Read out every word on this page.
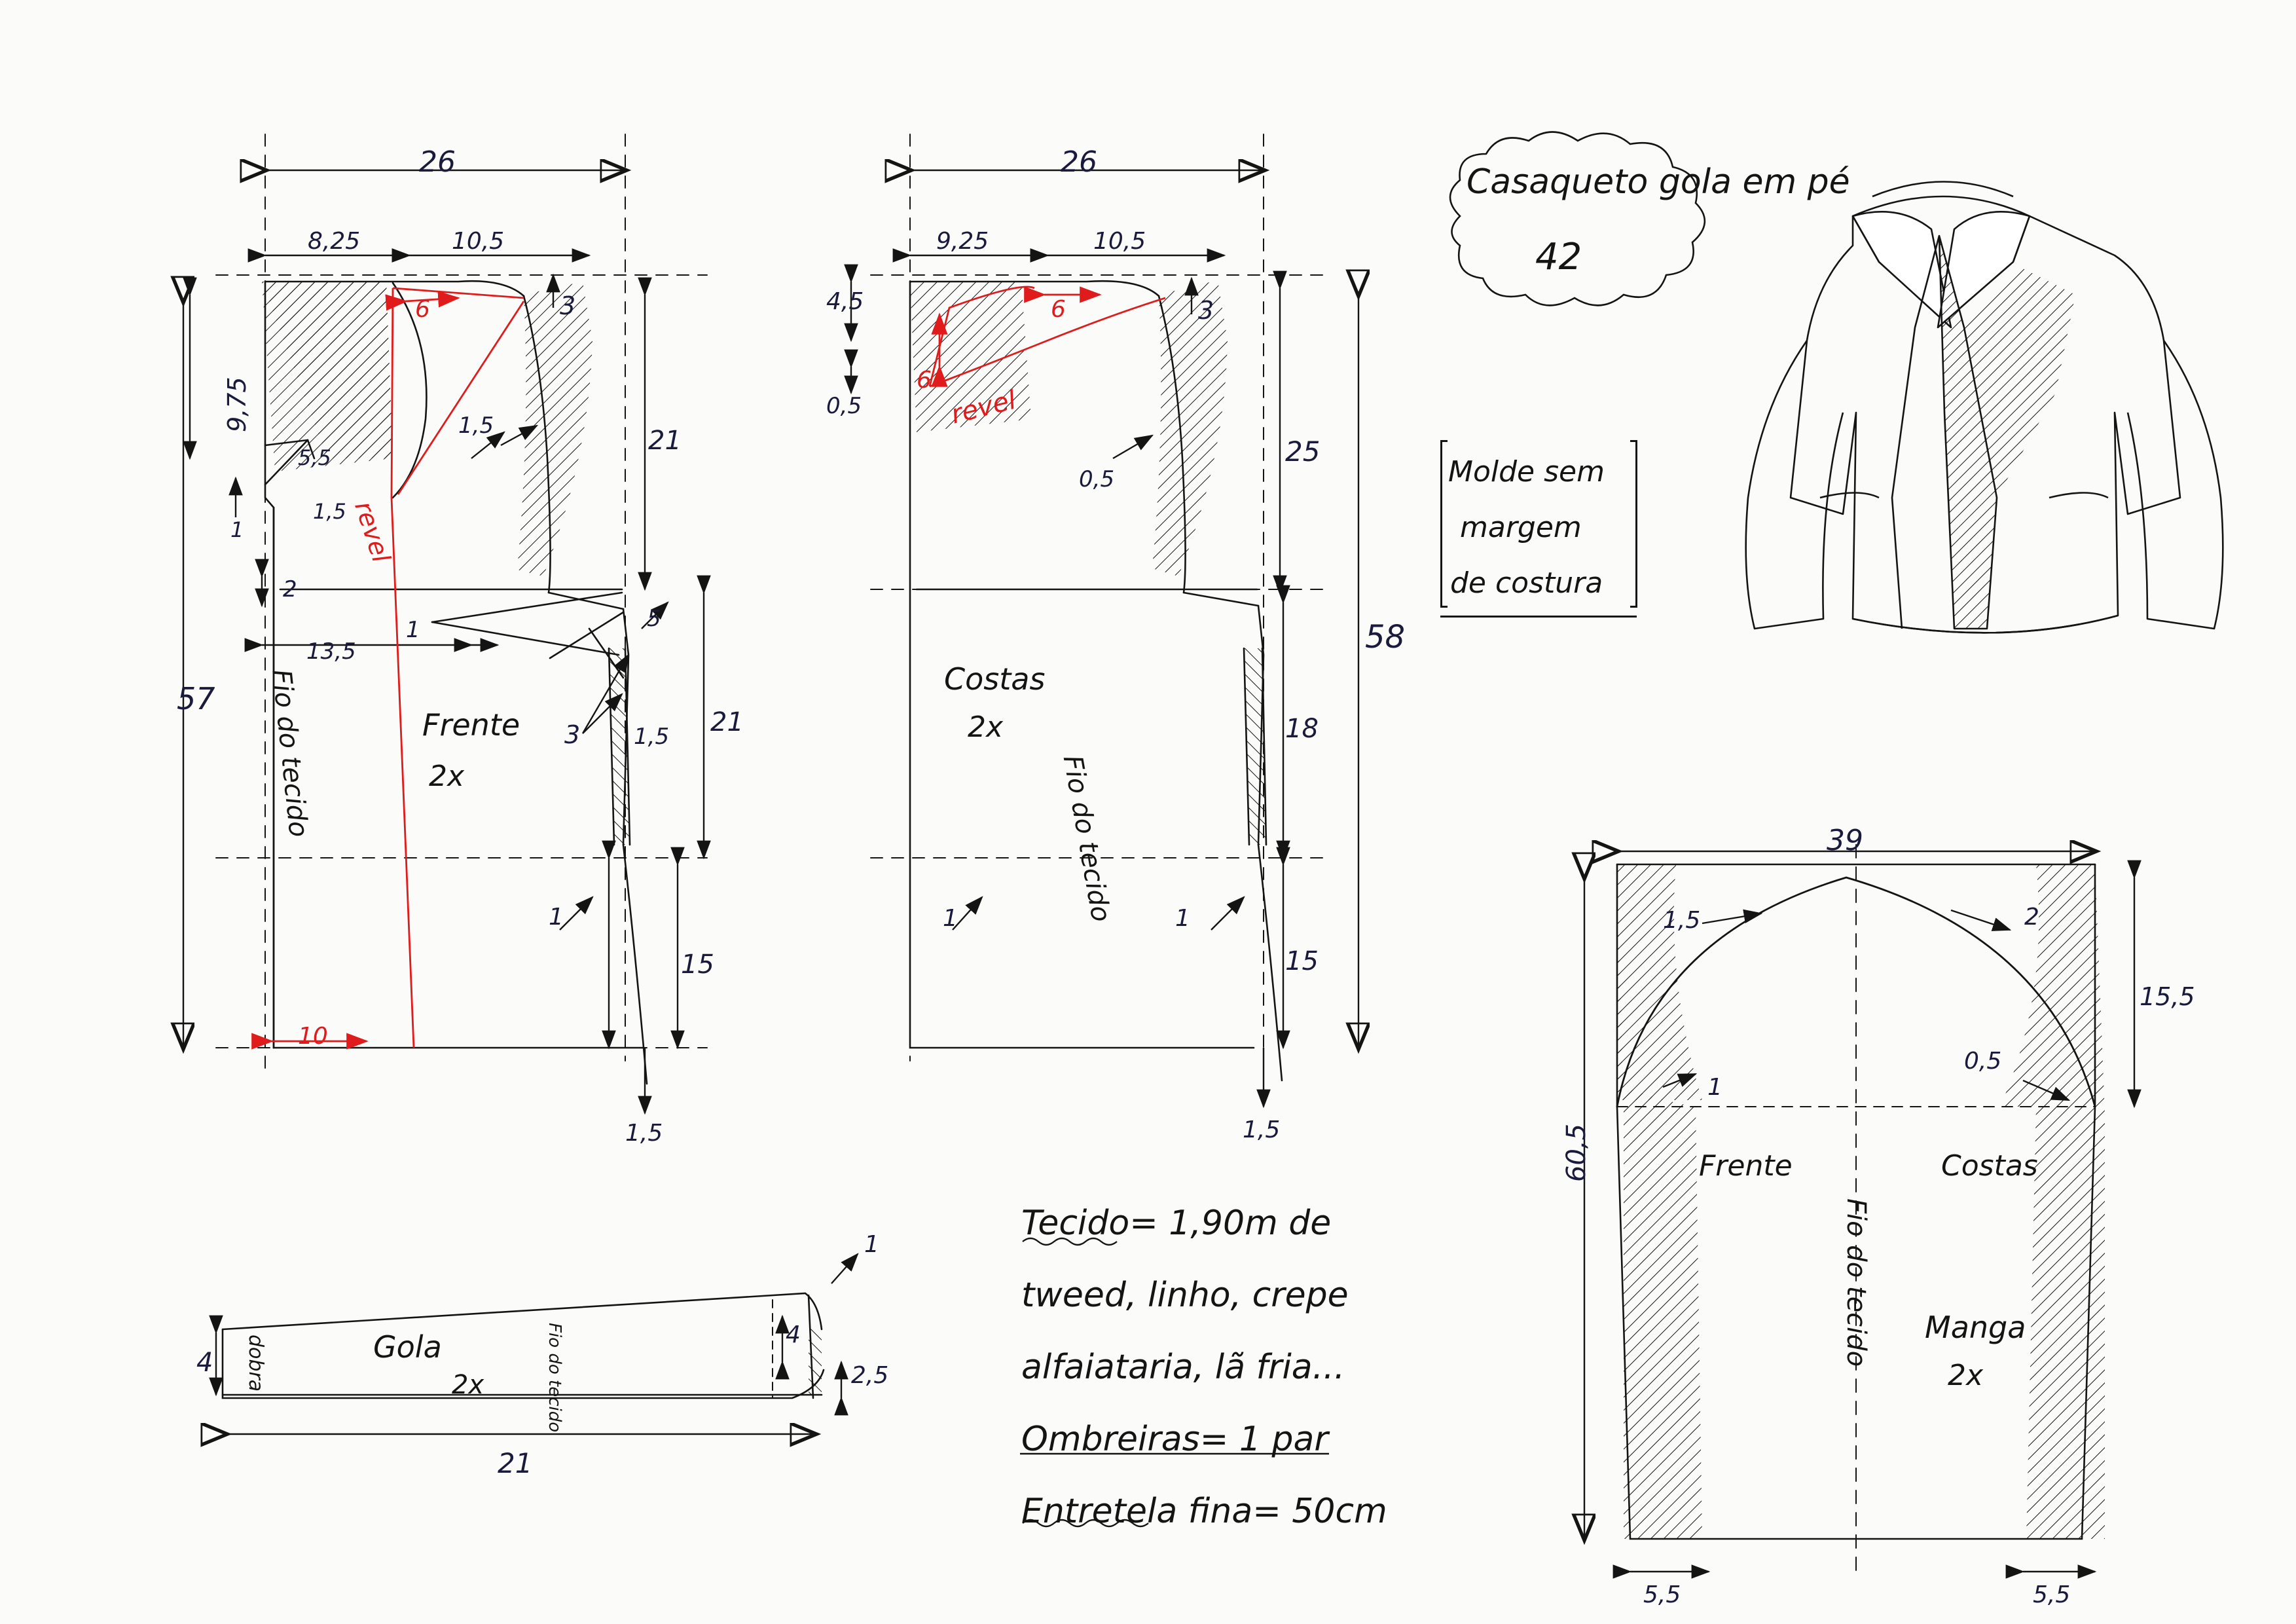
Casaqueto gola em pé
42
Molde sem
margem
de costura
26
8,25	10,5
9,75
3
21
21
57
5,5
1
1,5
1,5
2
13,5
1	5
3 1,5
1
15
1,5
6
10
Frente
2x
Fio do tecido
revel
26
9,25	10,5
4,5
0,5
6
6
revel
3
0,5
25
58
18
1	1
15
1,5
Costas
2x
Fio do tecido	39
1,5	2
1
0,5
15,5
60,5
5,5	5,5
Frente	Costas
Manga
2x
Fio do tecido
Gola
2x
dobra	Fio do tecido
4
21
2,5
1
4
Tecido= 1,90m de
tweed, linho, crepe
alfaiataria, lã fria...
Ombreiras= 1 par
Entretela fina= 50cm
